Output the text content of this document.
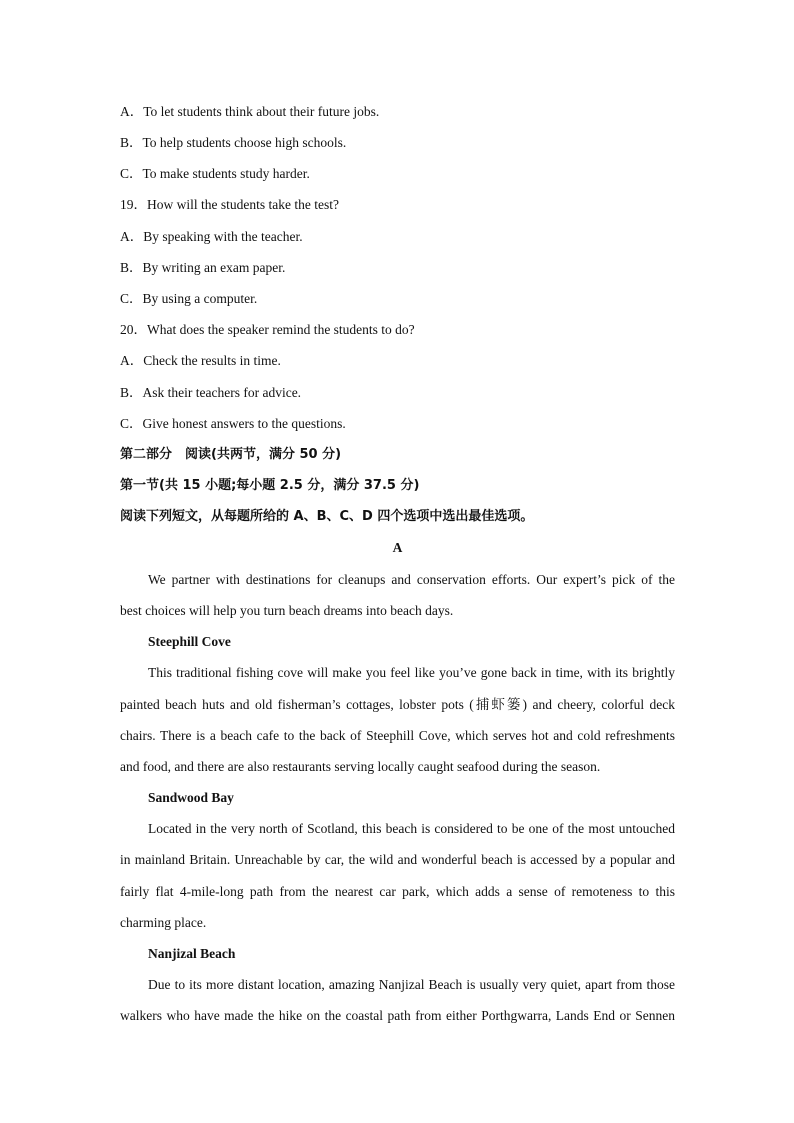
A．To let students think about their future jobs.
B．To help students choose high schools.
C．To make students study harder.
19．How will the students take the test?
A．By speaking with the teacher.
B．By writing an exam paper.
C．By using a computer.
20．What does the speaker remind the students to do?
A．Check the results in time.
B．Ask their teachers for advice.
C．Give honest answers to the questions.
第二部分　阅读(共两节，满分 50 分)
第一节(共 15 小题;每小题 2.5 分，满分 37.5 分)
阅读下列短文，从每题所给的 A、B、C、D 四个选项中选出最佳选项。
A
We partner with destinations for cleanups and conservation efforts. Our expert’s pick of the
best choices will help you turn beach dreams into beach days.
Steephill Cove
This traditional fishing cove will make you feel like you’ve gone back in time, with its brightly
painted beach huts and old fisherman’s cottages, lobster pots (捕虾篓) and cheery, colorful deck
chairs. There is a beach cafe to the back of Steephill Cove, which serves hot and cold refreshments
and food, and there are also restaurants serving locally caught seafood during the season.
Sandwood Bay
Located in the very north of Scotland, this beach is considered to be one of the most untouched
in mainland Britain. Unreachable by car, the wild and wonderful beach is accessed by a popular and
fairly flat 4-mile-long path from the nearest car park, which adds a sense of remoteness to this
charming place.
Nanjizal Beach
Due to its more distant location, amazing Nanjizal Beach is usually very quiet, apart from those
walkers who have made the hike on the coastal path from either Porthgwarra, Lands End or Sennen
